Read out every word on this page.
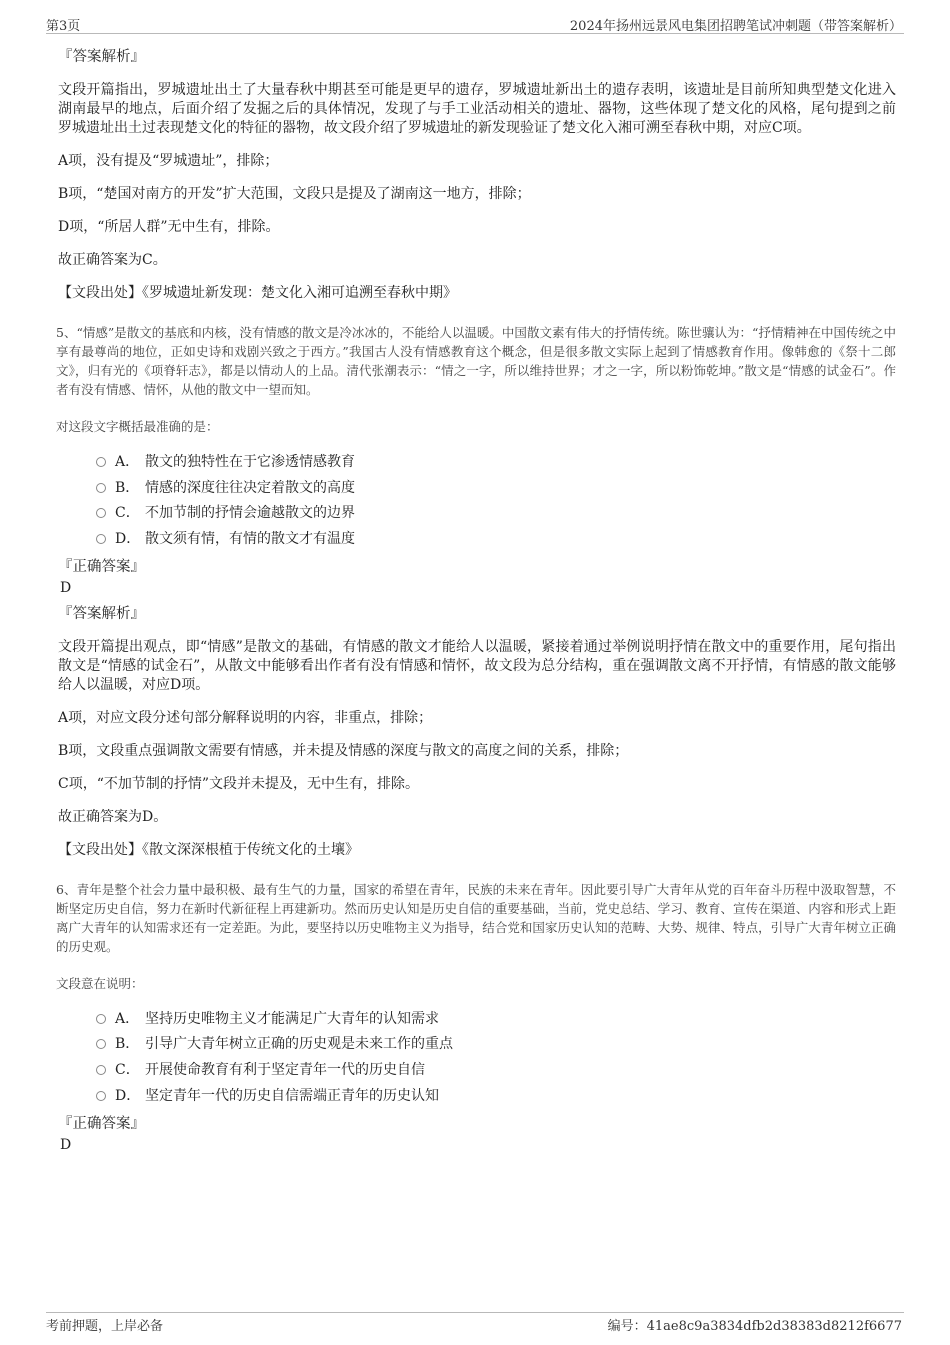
第3页	2024年扬州远景风电集团招聘笔试冲刺题（带答案解析）
『答案解析』
文段开篇指出，罗城遗址出土了大量春秋中期甚至可能是更早的遗存，罗城遗址新出土的遗存表明，该遗址是目前所知典型楚文化进入湖南最早的地点，后面介绍了发掘之后的具体情况，发现了与手工业活动相关的遗址、器物，这些体现了楚文化的风格，尾句提到之前罗城遗址出土过表现楚文化的特征的器物，故文段介绍了罗城遗址的新发现验证了楚文化入湘可溯至春秋中期，对应C项。
A项，没有提及“罗城遗址”，排除；
B项，“楚国对南方的开发”扩大范围，文段只是提及了湖南这一地方，排除；
D项，“所居人群”无中生有，排除。
故正确答案为C。
【文段出处】《罗城遗址新发现：楚文化入湘可追溯至春秋中期》
5、“情感”是散文的基底和内核，没有情感的散文是冷冰冰的，不能给人以温暖。中国散文素有伟大的抒情传统。陈世骧认为：“抒情精神在中国传统之中享有最尊尚的地位，正如史诗和戏剧兴致之于西方。”我国古人没有情感教育这个概念，但是很多散文实际上起到了情感教育作用。像韩愈的《祭十二郎文》，归有光的《项脊轩志》，都是以情动人的上品。清代张潮表示：“情之一字，所以维持世界；才之一字，所以粉饰乾坤。”散文是“情感的试金石”。作者有没有情感、情怀，从他的散文中一望而知。
对这段文字概括最准确的是：
A． 散文的独特性在于它渗透情感教育
B． 情感的深度往往决定着散文的高度
C． 不加节制的抒情会逾越散文的边界
D． 散文须有情，有情的散文才有温度
『正确答案』
D
『答案解析』
文段开篇提出观点，即“情感”是散文的基础，有情感的散文才能给人以温暖，紧接着通过举例说明抒情在散文中的重要作用，尾句指出散文是“情感的试金石”，从散文中能够看出作者有没有情感和情怀，故文段为总分结构，重在强调散文离不开抒情，有情感的散文能够给人以温暖，对应D项。
A项，对应文段分述句部分解释说明的内容，非重点，排除；
B项，文段重点强调散文需要有情感，并未提及情感的深度与散文的高度之间的关系，排除；
C项，“不加节制的抒情”文段并未提及，无中生有，排除。
故正确答案为D。
【文段出处】《散文深深根植于传统文化的土壤》
6、青年是整个社会力量中最积极、最有生气的力量，国家的希望在青年，民族的未来在青年。因此要引导广大青年从党的百年奋斗历程中汲取智慧，不断坚定历史自信，努力在新时代新征程上再建新功。然而历史认知是历史自信的重要基础，当前，党史总结、学习、教育、宣传在渠道、内容和形式上距离广大青年的认知需求还有一定差距。为此，要坚持以历史唯物主义为指导，结合党和国家历史认知的范畴、大势、规律、特点，引导广大青年树立正确的历史观。
文段意在说明：
A． 坚持历史唯物主义才能满足广大青年的认知需求
B． 引导广大青年树立正确的历史观是未来工作的重点
C． 开展使命教育有利于坚定青年一代的历史自信
D． 坚定青年一代的历史自信需端正青年的历史认知
『正确答案』
D
考前押题，上岸必备	编号：41ae8c9a3834dfb2d38383d8212f6677
